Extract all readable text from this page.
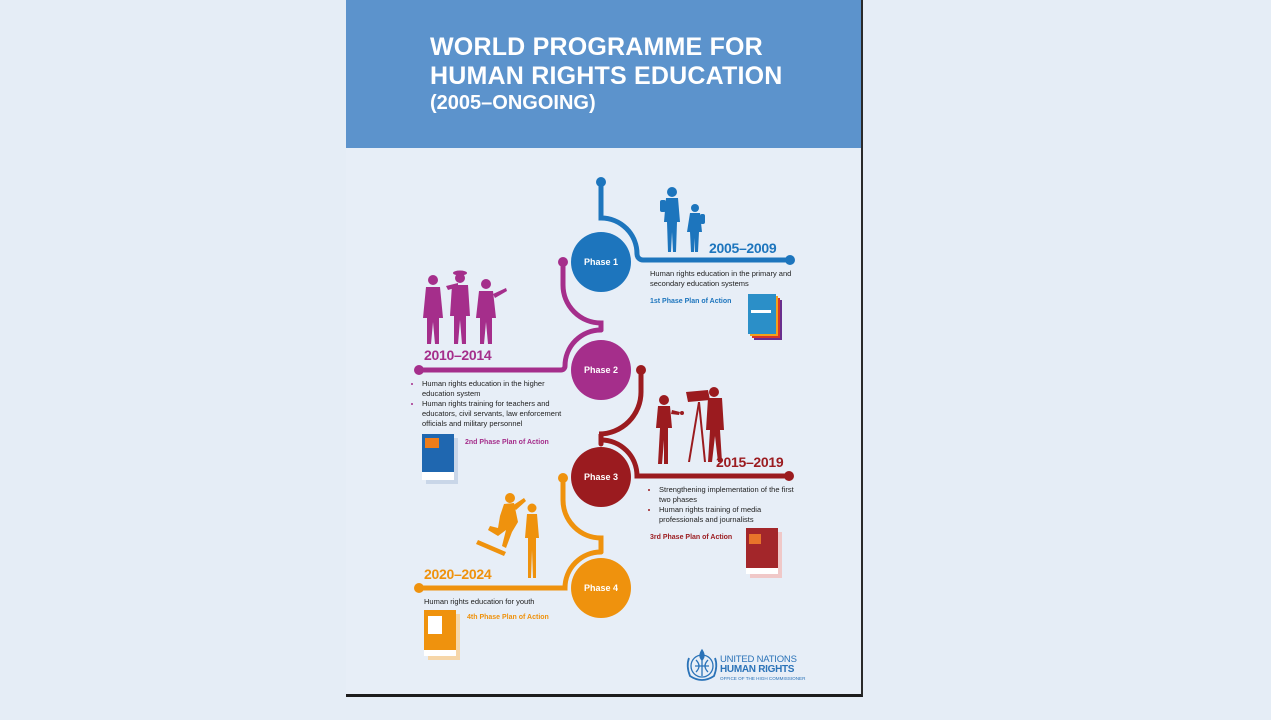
WORLD PROGRAMME FOR
HUMAN RIGHTS EDUCATION
(2005–ONGOING)
Phase 1
Phase 2
Phase 3
Phase 4
2005–2009
Human rights education in the primary and secondary education systems
1st Phase Plan of Action
2010–2014
• Human rights education in the higher education system
• Human rights training for teachers and educators, civil servants, law enforcement officials and military personnel
2nd Phase Plan of Action
2015–2019
• Strengthening implementation of the first two phases
• Human rights training of media professionals and journalists
3rd Phase Plan of Action
2020–2024
Human rights education for youth
4th Phase Plan of Action
UNITED NATIONS
HUMAN RIGHTS
OFFICE OF THE HIGH COMMISSIONER
